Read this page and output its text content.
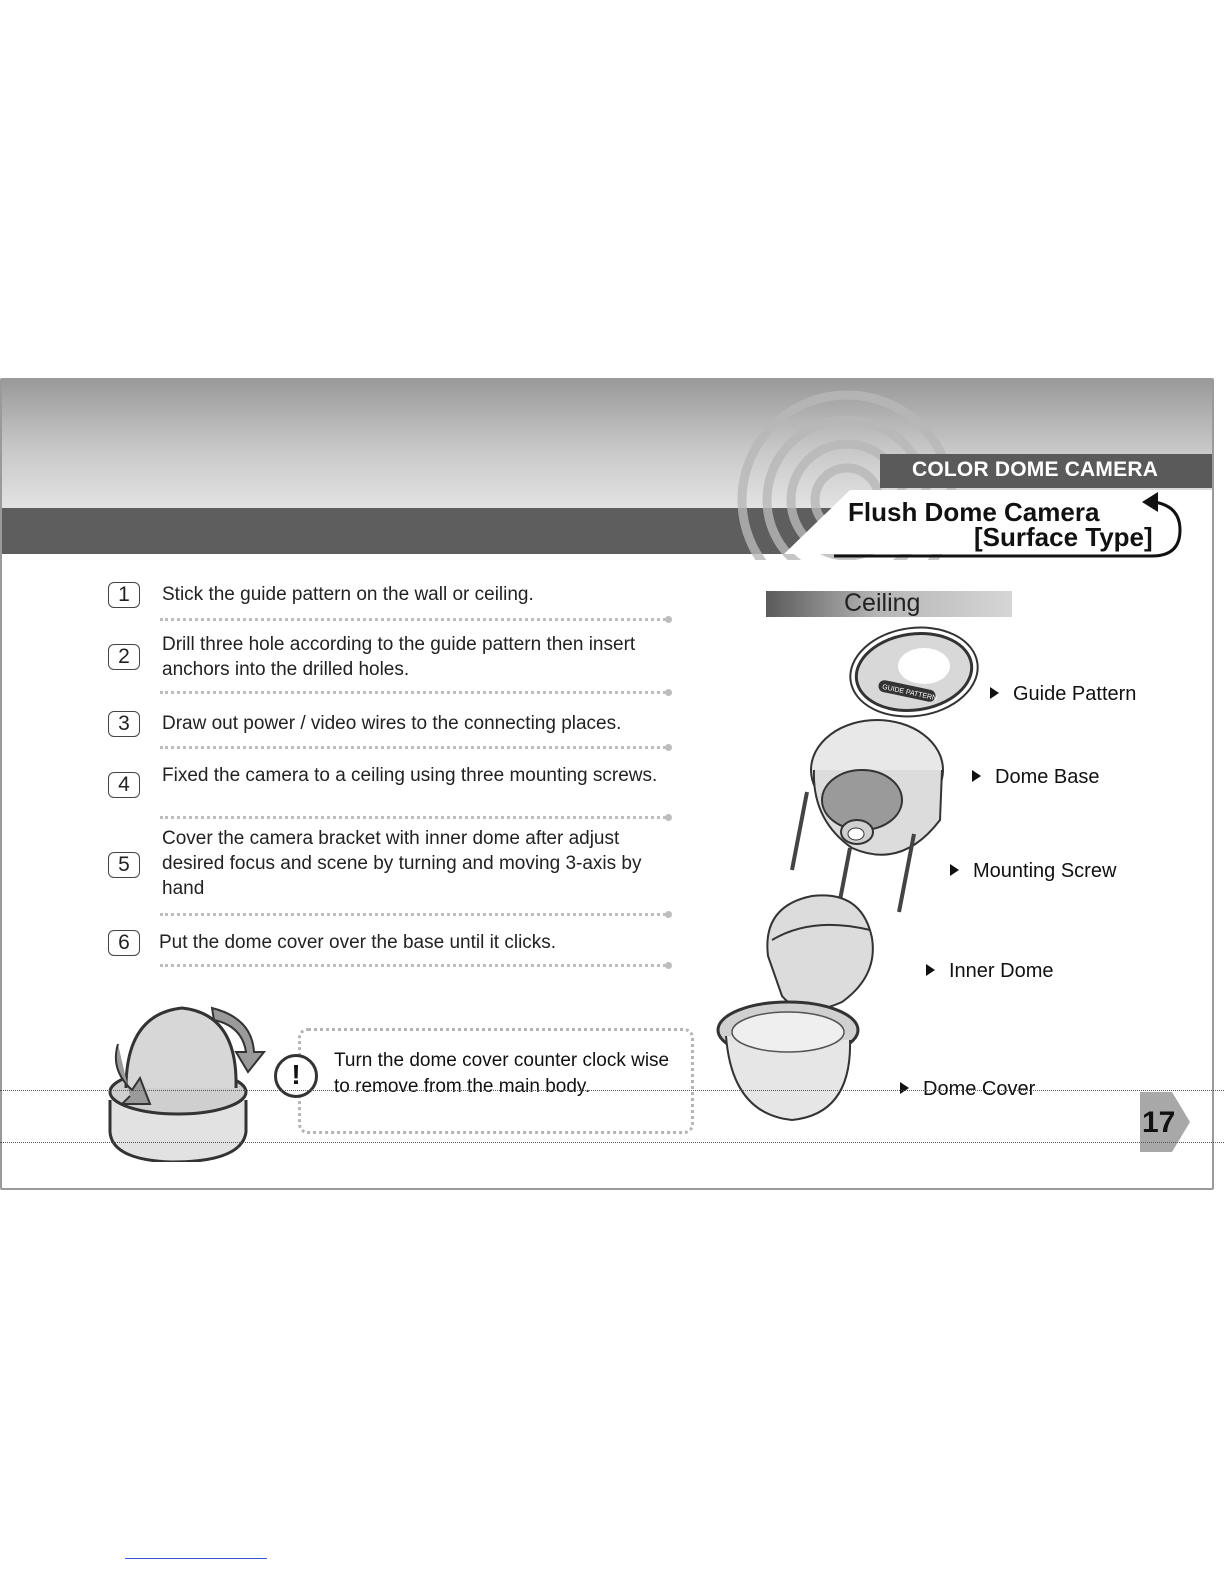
COLOR DOME CAMERA
Flush Dome Camera
[Surface Type]
1	Stick the guide pattern on the wall or ceiling.
2
Drill three hole according to the guide pattern then insert anchors into the drilled holes.
3	Draw out power / video wires to the connecting places.
4	Fixed the camera to a ceiling using three mounting screws.
5
Cover the camera bracket with inner dome after adjust desired focus and scene by turning and moving 3-axis by hand
6	Put the dome cover over the base until it clicks.
Ceiling
GUIDE PATTERN	Guide Pattern
Dome Base
Mounting Screw
Inner Dome
Dome Cover
!	Turn the dome cover counter clock wise to remove from the main body.
17
